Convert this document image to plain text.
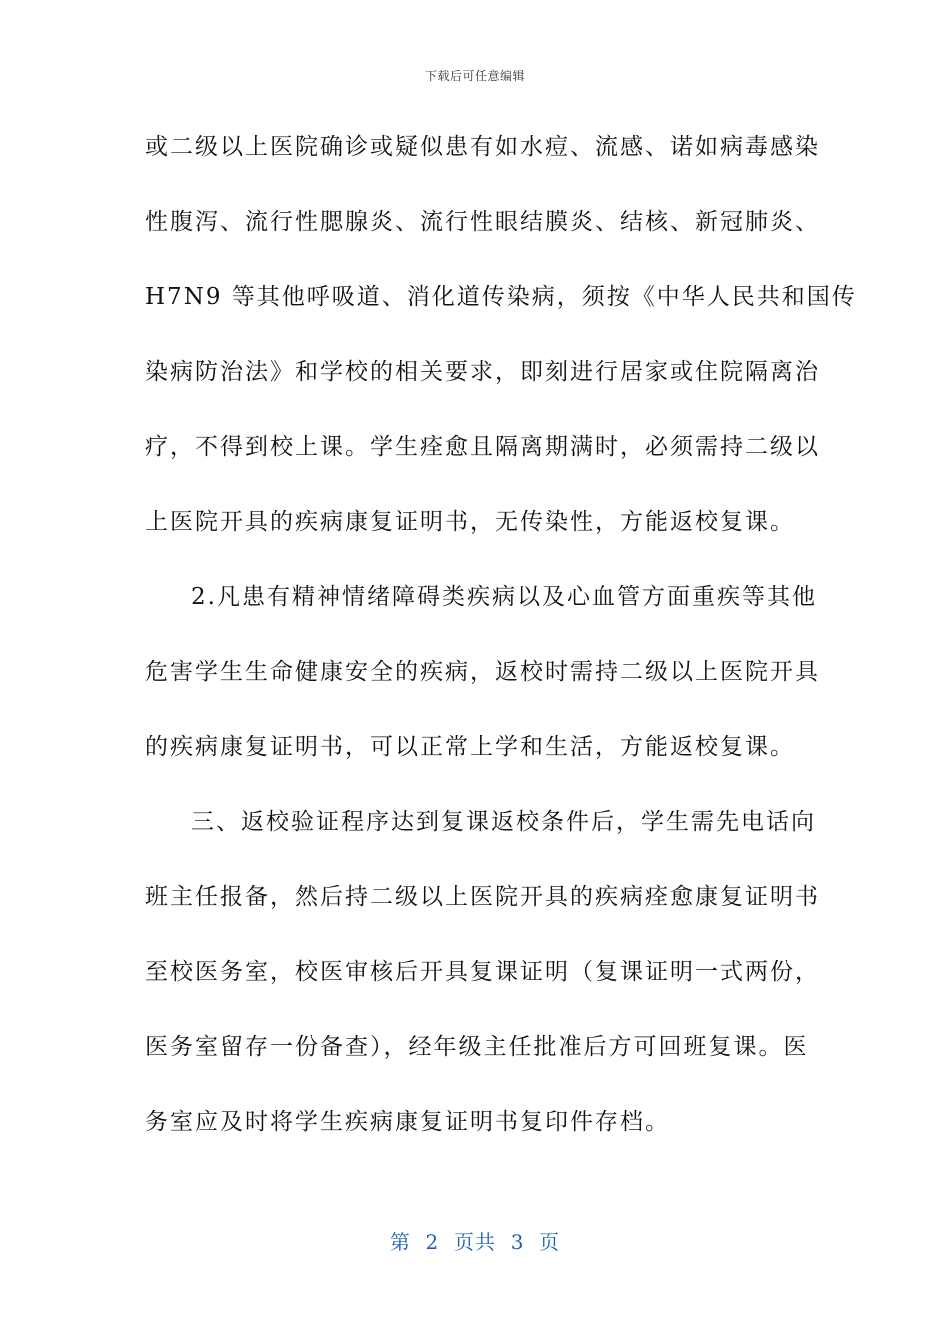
下载后可任意编辑
或二级以上医院确诊或疑似患有如水痘、流感、诺如病毒感染
性腹泻、流行性腮腺炎、流行性眼结膜炎、结核、新冠肺炎、
H7N9 等其他呼吸道、消化道传染病，须按《中华人民共和国传
染病防治法》和学校的相关要求，即刻进行居家或住院隔离治
疗，不得到校上课。学生痊愈且隔离期满时，必须需持二级以
上医院开具的疾病康复证明书，无传染性，方能返校复课。
2.凡患有精神情绪障碍类疾病以及心血管方面重疾等其他
危害学生生命健康安全的疾病，返校时需持二级以上医院开具
的疾病康复证明书，可以正常上学和生活，方能返校复课。
三、返校验证程序达到复课返校条件后，学生需先电话向
班主任报备，然后持二级以上医院开具的疾病痊愈康复证明书
至校医务室，校医审核后开具复课证明（复课证明一式两份，
医务室留存一份备查），经年级主任批准后方可回班复课。医
务室应及时将学生疾病康复证明书复印件存档。
第  2  页共  3  页
